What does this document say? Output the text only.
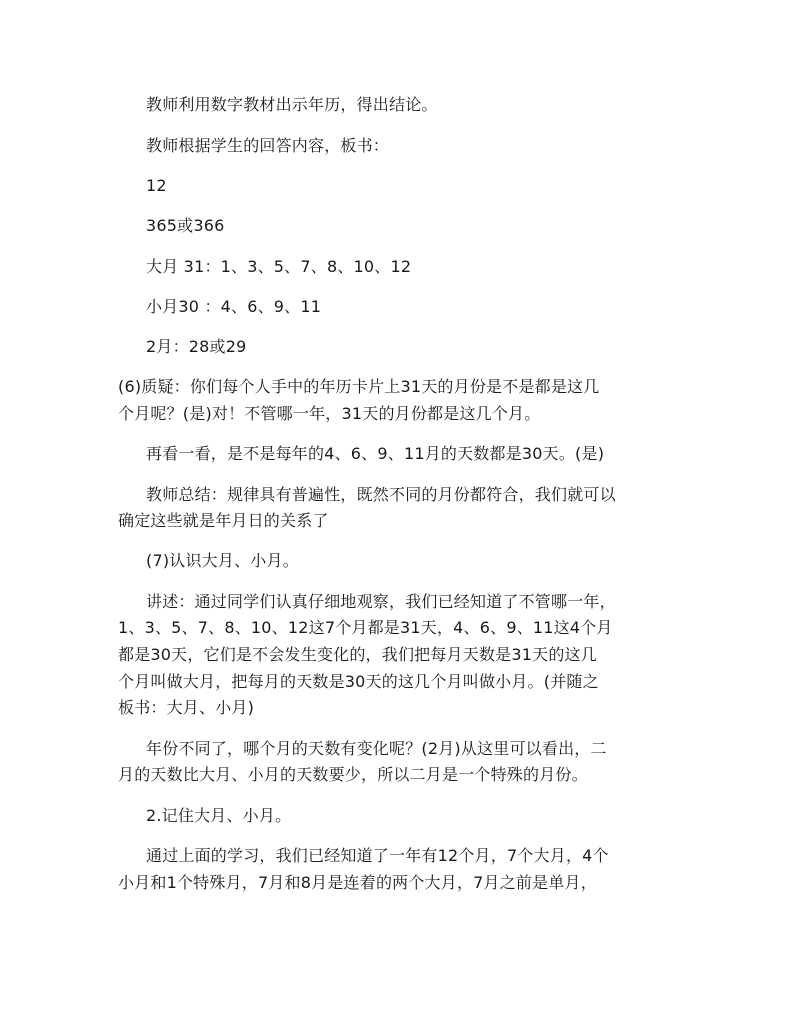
教师利用数字教材出示年历，得出结论。
教师根据学生的回答内容，板书：
12
365或366
大月 31：1、3、5、7、8、10、12
小月30 ：4、6、9、11
2月：28或29
(6)质疑：你们每个人手中的年历卡片上31天的月份是不是都是这几
个月呢？(是)对！不管哪一年，31天的月份都是这几个月。
再看一看，是不是每年的4、6、9、11月的天数都是30天。(是)
教师总结：规律具有普遍性，既然不同的月份都符合，我们就可以
确定这些就是年月日的关系了
(7)认识大月、小月。
讲述：通过同学们认真仔细地观察，我们已经知道了不管哪一年，
1、3、5、7、8、10、12这7个月都是31天，4、6、9、11这4个月
都是30天，它们是不会发生变化的，我们把每月天数是31天的这几
个月叫做大月，把每月的天数是30天的这几个月叫做小月。(并随之
板书：大月、小月)
年份不同了，哪个月的天数有变化呢？(2月)从这里可以看出，二
月的天数比大月、小月的天数要少，所以二月是一个特殊的月份。
2.记住大月、小月。
通过上面的学习，我们已经知道了一年有12个月，7个大月，4个
小月和1个特殊月，7月和8月是连着的两个大月，7月之前是单月，
